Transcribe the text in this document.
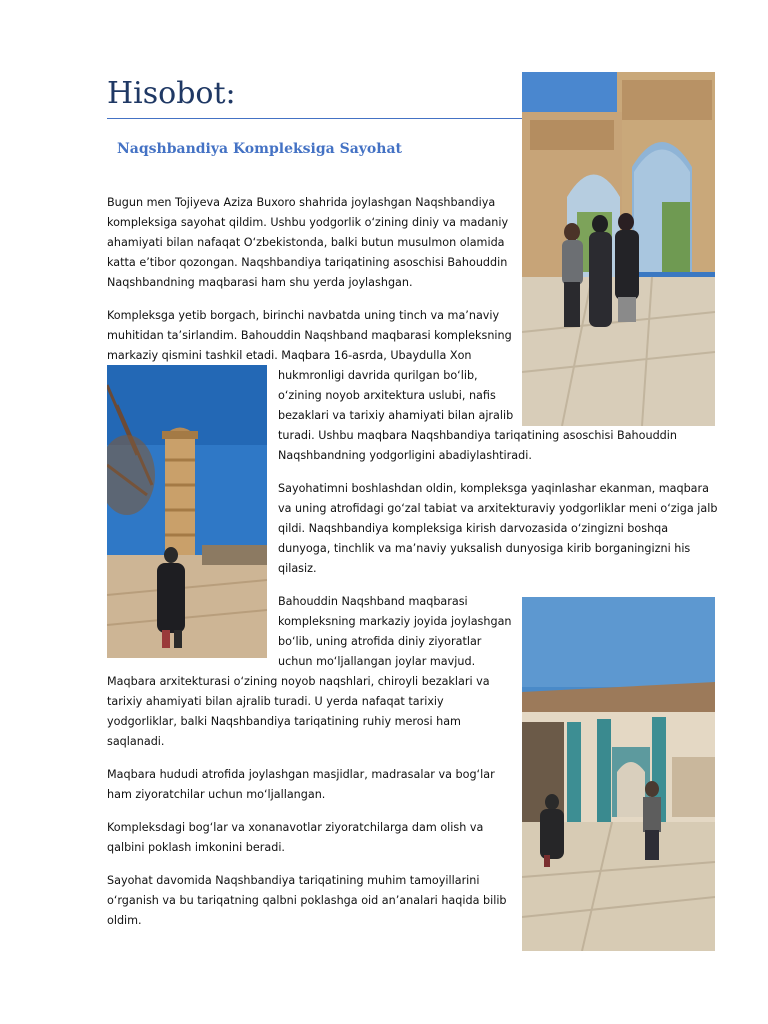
Hisobot:
Naqshbandiya Kompleksiga Sayohat

Bugun men Tojiyeva Aziza Buxoro shahrida joylashgan Naqshbandiya

kompleksiga sayohat qildim. Ushbu yodgorlik o‘zining diniy va madaniy

ahamiyati bilan nafaqat O‘zbekistonda, balki butun musulmon olamida

katta e’tibor qozongan. Naqshbandiya tariqatining asoschisi Bahouddin

Naqshbandning maqbarasi ham shu yerda joylashgan.

Kompleksga yetib borgach, birinchi navbatda uning tinch va ma’naviy

muhitidan ta’sirlandim. Bahouddin Naqshband maqbarasi kompleksning

markaziy qismini tashkil etadi. Maqbara 16-asrda, Ubaydulla Xon

hukmronligi davrida qurilgan bo‘lib,

o‘zining noyob arxitektura uslubi, nafis

bezaklari va tarixiy ahamiyati bilan ajralib

turadi. Ushbu maqbara Naqshbandiya tariqatining asoschisi Bahouddin

Naqshbandning yodgorligini abadiylashtiradi.

Sayohatimni boshlashdan oldin, kompleksga yaqinlashar ekanman, maqbara

va uning atrofidagi go‘zal tabiat va arxitekturaviy yodgorliklar meni o‘ziga jalb

qildi. Naqshbandiya kompleksiga kirish darvozasida o‘zingizni boshqa

dunyoga, tinchlik va ma’naviy yuksalish dunyosiga kirib borganingizni his

qilasiz.

Bahouddin Naqshband maqbarasi

kompleksning markaziy joyida joylashgan

bo‘lib, uning atrofida diniy ziyoratlar

uchun mo‘ljallangan joylar mavjud.

Maqbara arxitekturasi o‘zining noyob naqshlari, chiroyli bezaklari va

tarixiy ahamiyati bilan ajralib turadi. U yerda nafaqat tarixiy

yodgorliklar, balki Naqshbandiya tariqatining ruhiy merosi ham

saqlanadi.

Maqbara hududi atrofida joylashgan masjidlar, madrasalar va bog‘lar

ham ziyoratchilar uchun mo‘ljallangan.

Kompleksdagi bog‘lar va xonanavotlar ziyoratchilarga dam olish va

qalbini poklash imkonini beradi.

Sayohat davomida Naqshbandiya tariqatining muhim tamoyillarini

o‘rganish va bu tariqatning qalbni poklashga oid an’analari haqida bilib

oldim.
